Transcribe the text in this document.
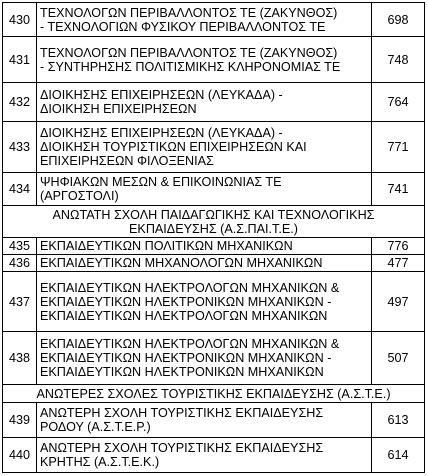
430	ΤΕΧΝΟΛΟΓΩΝ ΠΕΡΙΒΑΛΛΟΝΤΟΣ ΤΕ (ΖΑΚΥΝΘΟΣ)
- ΤΕΧΝΟΛΟΓΙΩΝ ΦΥΣΙΚΟΥ ΠΕΡΙΒΑΛΛΟΝΤΟΣ ΤΕ	698
431	ΤΕΧΝΟΛΟΓΩΝ ΠΕΡΙΒΑΛΛΟΝΤΟΣ ΤΕ (ΖΑΚΥΝΘΟΣ)
- ΣΥΝΤΗΡΗΣΗΣ ΠΟΛΙΤΙΣΜΙΚΗΣ ΚΛΗΡΟΝΟΜΙΑΣ ΤΕ	748
432	ΔΙΟΙΚΗΣΗΣ ΕΠΙΧΕΙΡΗΣΕΩΝ (ΛΕΥΚΑΔΑ) -
ΔΙΟΙΚΗΣΗ ΕΠΙΧΕΙΡΗΣΕΩΝ	764
433	ΔΙΟΙΚΗΣΗΣ ΕΠΙΧΕΙΡΗΣΕΩΝ (ΛΕΥΚΑΔΑ) -
ΔΙΟΙΚΗΣΗ ΤΟΥΡΙΣΤΙΚΩΝ ΕΠΙΧΕΙΡΗΣΕΩΝ ΚΑΙ
ΕΠΙΧΕΙΡΗΣΕΩΝ ΦΙΛΟΞΕΝΙΑΣ	771
434	ΨΗΦΙΑΚΩΝ ΜΕΣΩΝ & ΕΠΙΚΟΙΝΩΝΙΑΣ ΤΕ
(ΑΡΓΟΣΤΟΛΙ)	741

ΑΝΩΤΑΤΗ ΣΧΟΛΗ ΠΑΙΔΑΓΩΓΙΚΗΣ ΚΑΙ ΤΕΧΝΟΛΟΓΙΚΗΣ
ΕΚΠΑΙΔΕΥΣΗΣ (Α.Σ.ΠΑΙ.Τ.Ε.)		

435	ΕΚΠΑΙΔΕΥΤΙΚΩΝ ΠΟΛΙΤΙΚΩΝ ΜΗΧΑΝΙΚΩΝ	776
436	ΕΚΠΑΙΔΕΥΤΙΚΩΝ ΜΗΧΑΝΟΛΟΓΩΝ ΜΗΧΑΝΙΚΩΝ	477
437	ΕΚΠΑΙΔΕΥΤΙΚΩΝ ΗΛΕΚΤΡΟΛΟΓΩΝ ΜΗΧΑΝΙΚΩΝ &
ΕΚΠΑΙΔΕΥΤΙΚΩΝ ΗΛΕΚΤΡΟΝΙΚΩΝ ΜΗΧΑΝΙΚΩΝ -
ΕΚΠΑΙΔΕΥΤΙΚΩΝ ΗΛΕΚΤΡΟΛΟΓΩΝ ΜΗΧΑΝΙΚΩΝ	497
438	ΕΚΠΑΙΔΕΥΤΙΚΩΝ ΗΛΕΚΤΡΟΛΟΓΩΝ ΜΗΧΑΝΙΚΩΝ &
ΕΚΠΑΙΔΕΥΤΙΚΩΝ ΗΛΕΚΤΡΟΝΙΚΩΝ ΜΗΧΑΝΙΚΩΝ -
ΕΚΠΑΙΔΕΥΤΙΚΩΝ ΗΛΕΚΤΡΟΝΙΚΩΝ ΜΗΧΑΝΙΚΩΝ	507

ΑΝΩΤΕΡΕΣ ΣΧΟΛΕΣ ΤΟΥΡΙΣΤΙΚΗΣ ΕΚΠΑΙΔΕΥΣΗΣ (Α.Σ.Τ.Ε.)		

439	ΑΝΩΤΕΡΗ ΣΧΟΛΗ ΤΟΥΡΙΣΤΙΚΗΣ ΕΚΠΑΙΔΕΥΣΗΣ
ΡΟΔΟΥ (Α.Σ.Τ.Ε.Ρ.)	613
440	ΑΝΩΤΕΡΗ ΣΧΟΛΗ ΤΟΥΡΙΣΤΙΚΗΣ ΕΚΠΑΙΔΕΥΣΗΣ
ΚΡΗΤΗΣ (Α.Σ.Τ.Ε.Κ.)	614
